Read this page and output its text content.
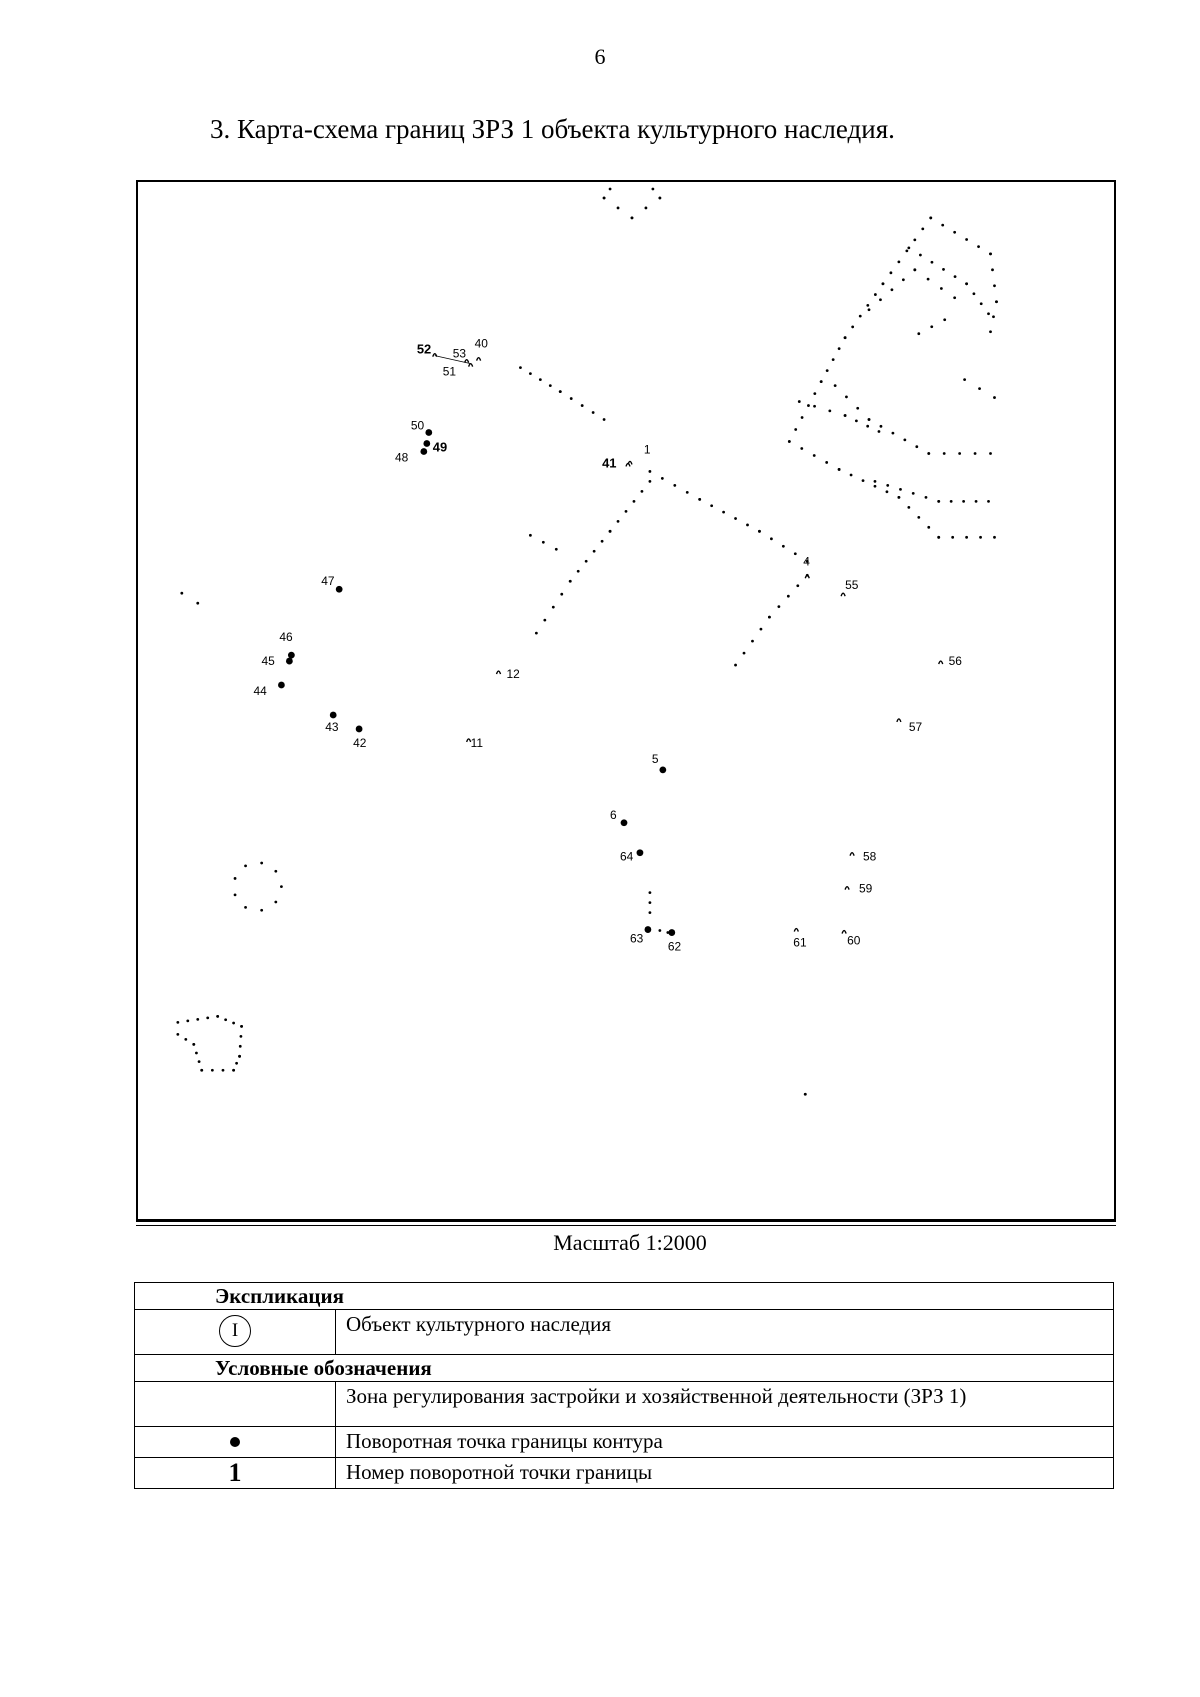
6
3. Карта-схема границ ЗРЗ 1 объекта культурного наследия.
1
4
5
6
11
12
40
41
42
43
44
45
46
47
48
49
50
51
52 53
55
56
57
58
59
60
61
62
63
64
Масштаб 1:2000
Экспликация	
I	Объект культурного наследия
Условные обозначения	
	Зона регулирования застройки и хозяйственной деятельности (ЗРЗ 1)
	Поворотная точка границы контура
1	Номер поворотной точки границы
